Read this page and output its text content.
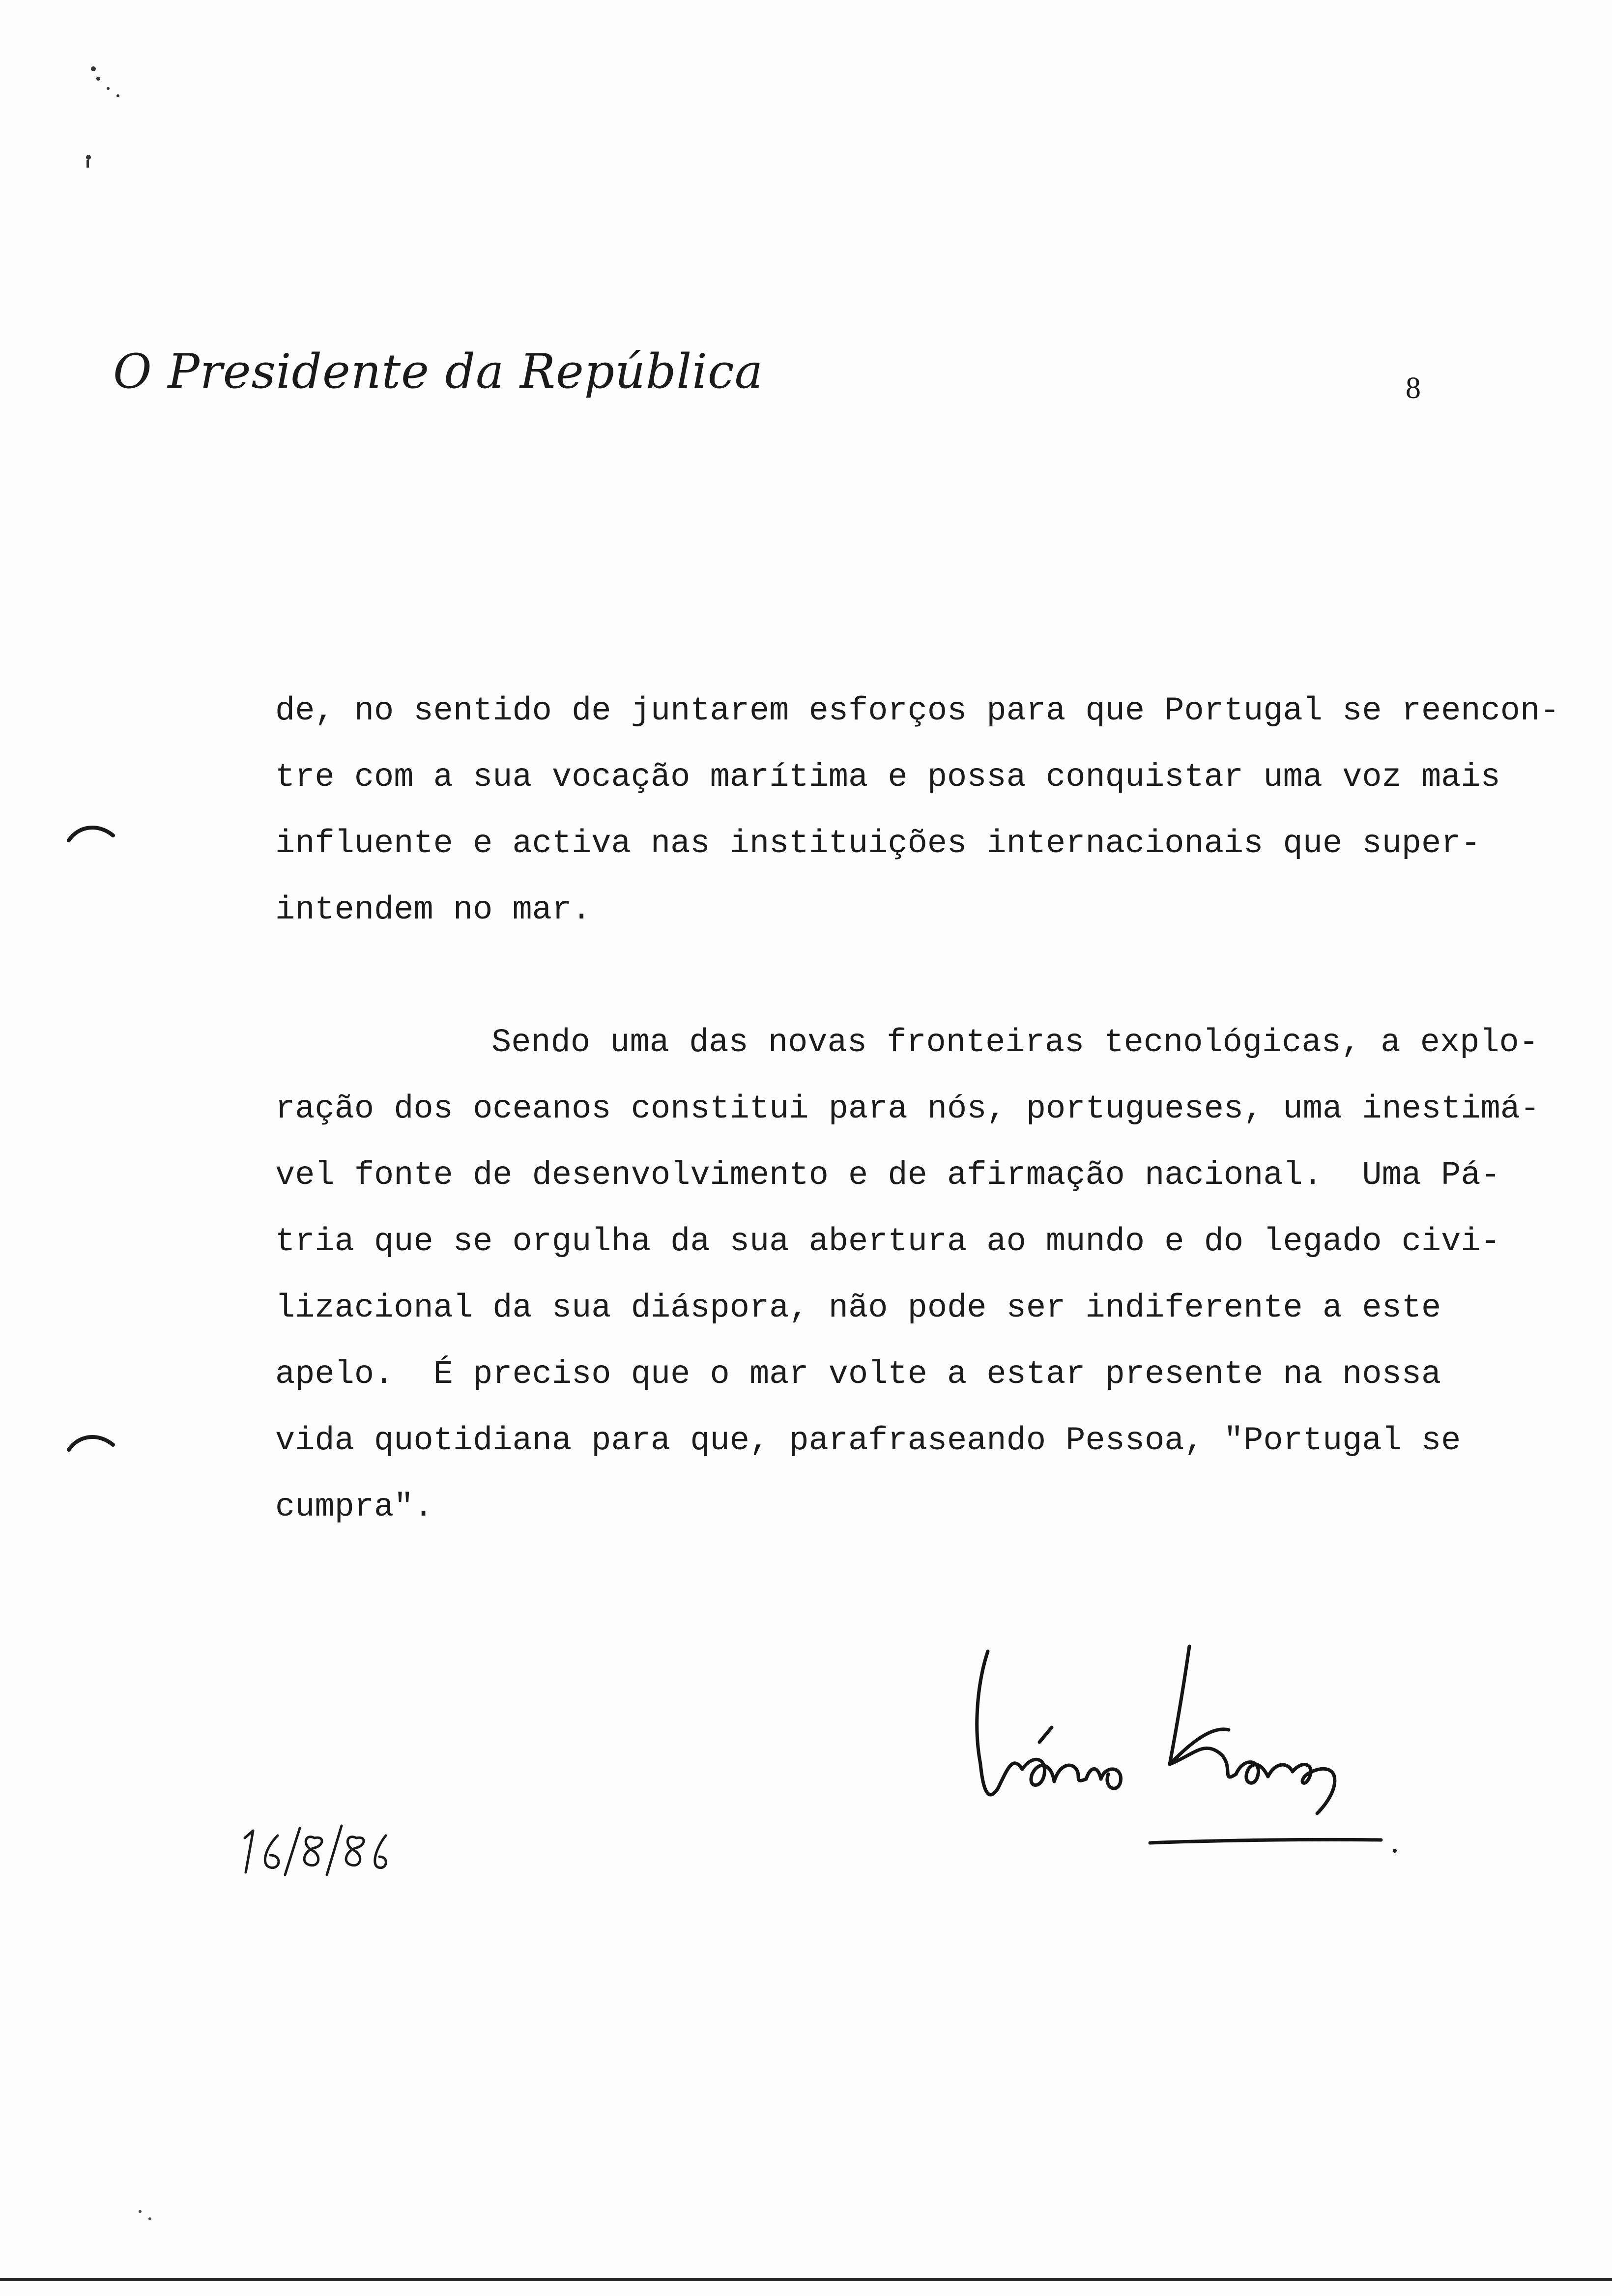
O Presidente da República	8
de, no sentido de juntarem esforços para que Portugal se reencon-
tre com a sua vocação marítima e possa conquistar uma voz mais
influente e activa nas instituições internacionais que super-
intendem no mar.
Sendo uma das novas fronteiras tecnológicas, a explo-
ração dos oceanos constitui para nós, portugueses, uma inestimá-
vel fonte de desenvolvimento e de afirmação nacional.  Uma Pá-
tria que se orgulha da sua abertura ao mundo e do legado civi-
lizacional da sua diáspora, não pode ser indiferente a este
apelo.  É preciso que o mar volte a estar presente na nossa
vida quotidiana para que, parafraseando Pessoa, "Portugal se
cumpra".
